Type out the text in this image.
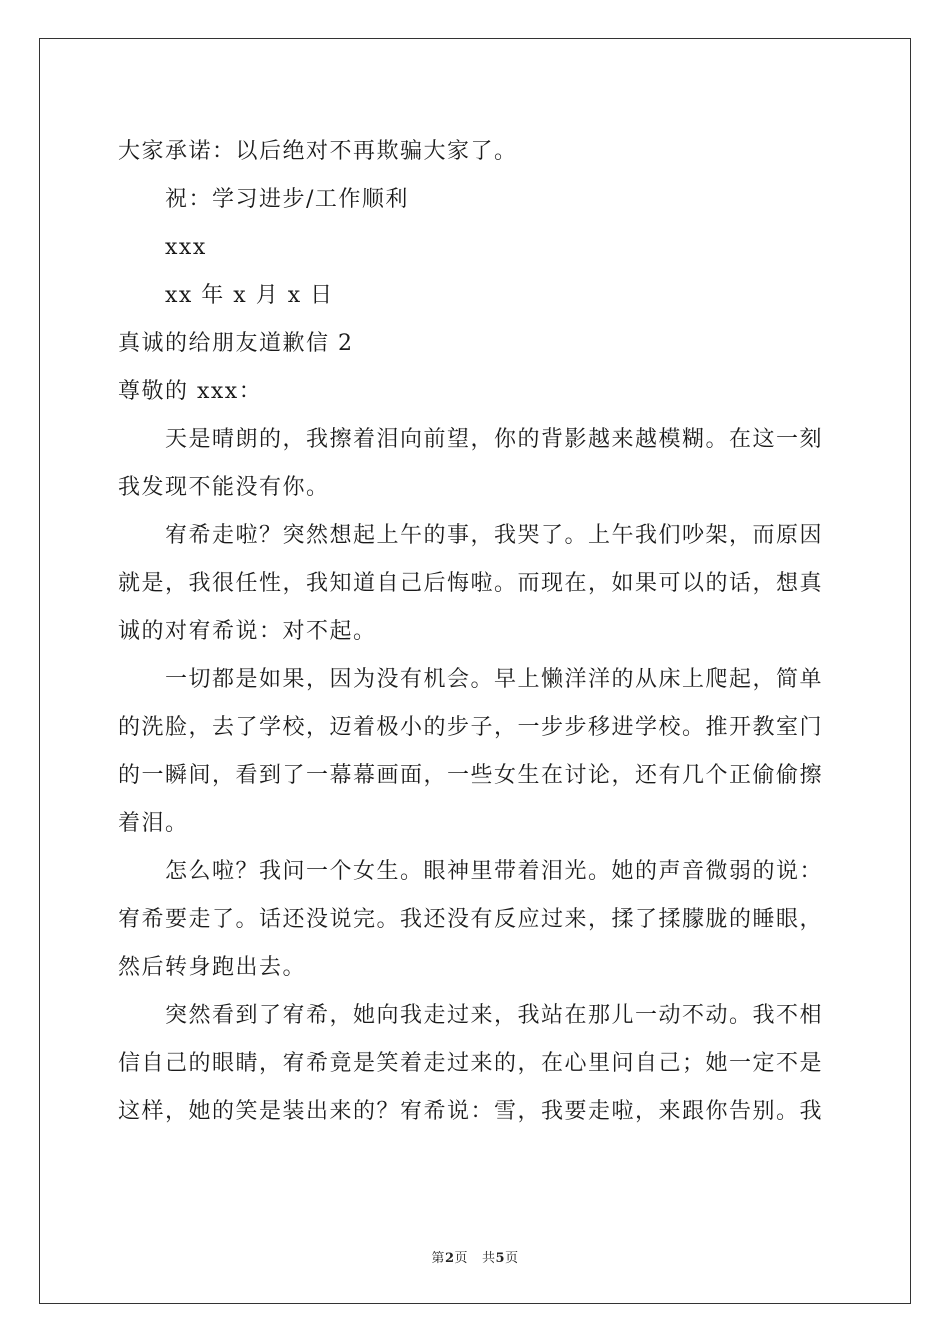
大家承诺：以后绝对不再欺骗大家了。

祝：学习进步/工作顺利

xxx

xx 年 x 月 x 日

真诚的给朋友道歉信 2

尊敬的 xxx：

天是晴朗的，我擦着泪向前望，你的背影越来越模糊。在这一刻
我发现不能没有你。

宥希走啦？突然想起上午的事，我哭了。上午我们吵架，而原因
就是，我很任性，我知道自己后悔啦。而现在，如果可以的话，想真
诚的对宥希说：对不起。

一切都是如果，因为没有机会。早上懒洋洋的从床上爬起，简单
的洗脸，去了学校，迈着极小的步子，一步步移进学校。推开教室门
的一瞬间，看到了一幕幕画面，一些女生在讨论，还有几个正偷偷擦
着泪。

怎么啦？我问一个女生。眼神里带着泪光。她的声音微弱的说：
宥希要走了。话还没说完。我还没有反应过来，揉了揉朦胧的睡眼，
然后转身跑出去。

突然看到了宥希，她向我走过来，我站在那儿一动不动。我不相
信自己的眼睛，宥希竟是笑着走过来的，在心里问自己；她一定不是
这样，她的笑是装出来的？宥希说：雪，我要走啦，来跟你告别。我

第2页 共5页
